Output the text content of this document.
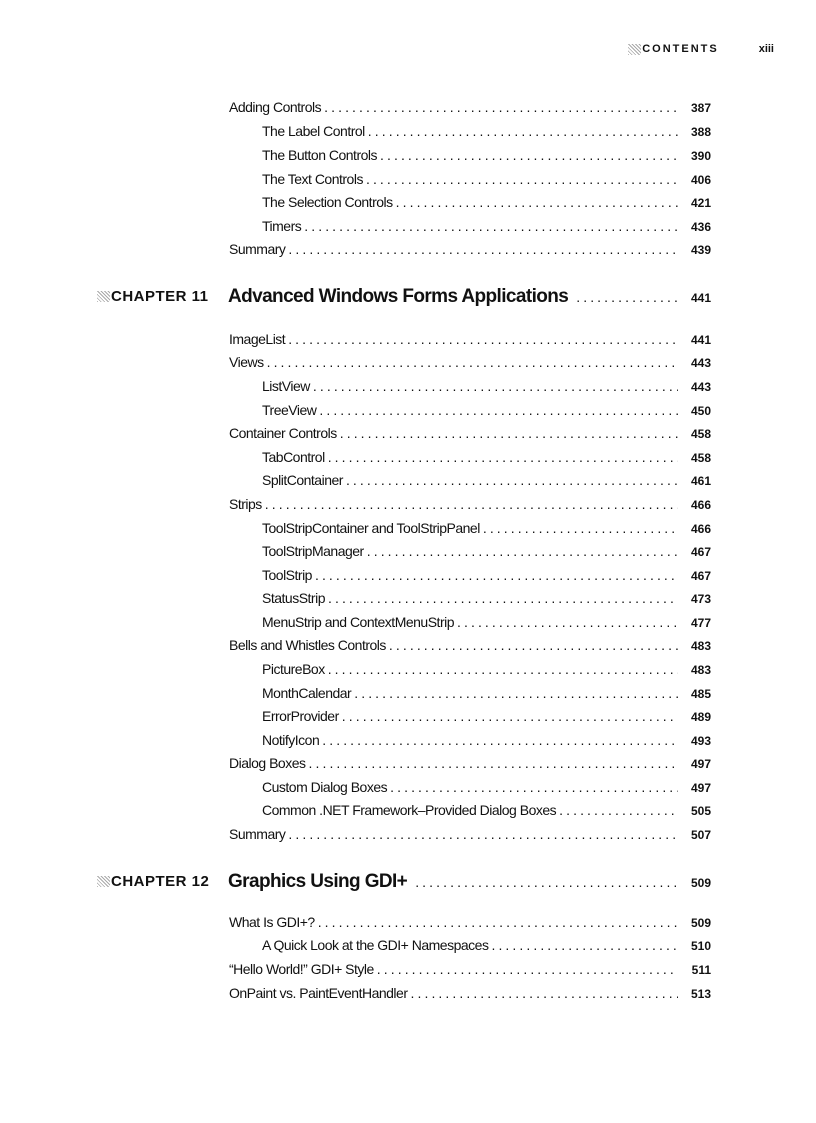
CONTENTS	xiii
Adding Controls . . .	387
The Label Control . . .	388
The Button Controls . . .	390
The Text Controls . . .	406
The Selection Controls . . .	421
Timers . . .	436
Summary . . .	439
CHAPTER 11 Advanced Windows Forms Applications . . .	441
ImageList . . .	441
Views . . .	443
ListView . . .	443
TreeView . . .	450
Container Controls . . .	458
TabControl . . .	458
SplitContainer . . .	461
Strips . . .	466
ToolStripContainer and ToolStripPanel . . .	466
ToolStripManager . . .	467
ToolStrip . . .	467
StatusStrip . . .	473
MenuStrip and ContextMenuStrip . . .	477
Bells and Whistles Controls . . .	483
PictureBox . . .	483
MonthCalendar . . .	485
ErrorProvider . . .	489
NotifyIcon . . .	493
Dialog Boxes . . .	497
Custom Dialog Boxes . . .	497
Common .NET Framework–Provided Dialog Boxes . . .	505
Summary . . .	507
CHAPTER 12 Graphics Using GDI+ . . .	509
What Is GDI+? . . .	509
A Quick Look at the GDI+ Namespaces . . .	510
“Hello World!” GDI+ Style . . .	511
OnPaint vs. PaintEventHandler . . .	513
